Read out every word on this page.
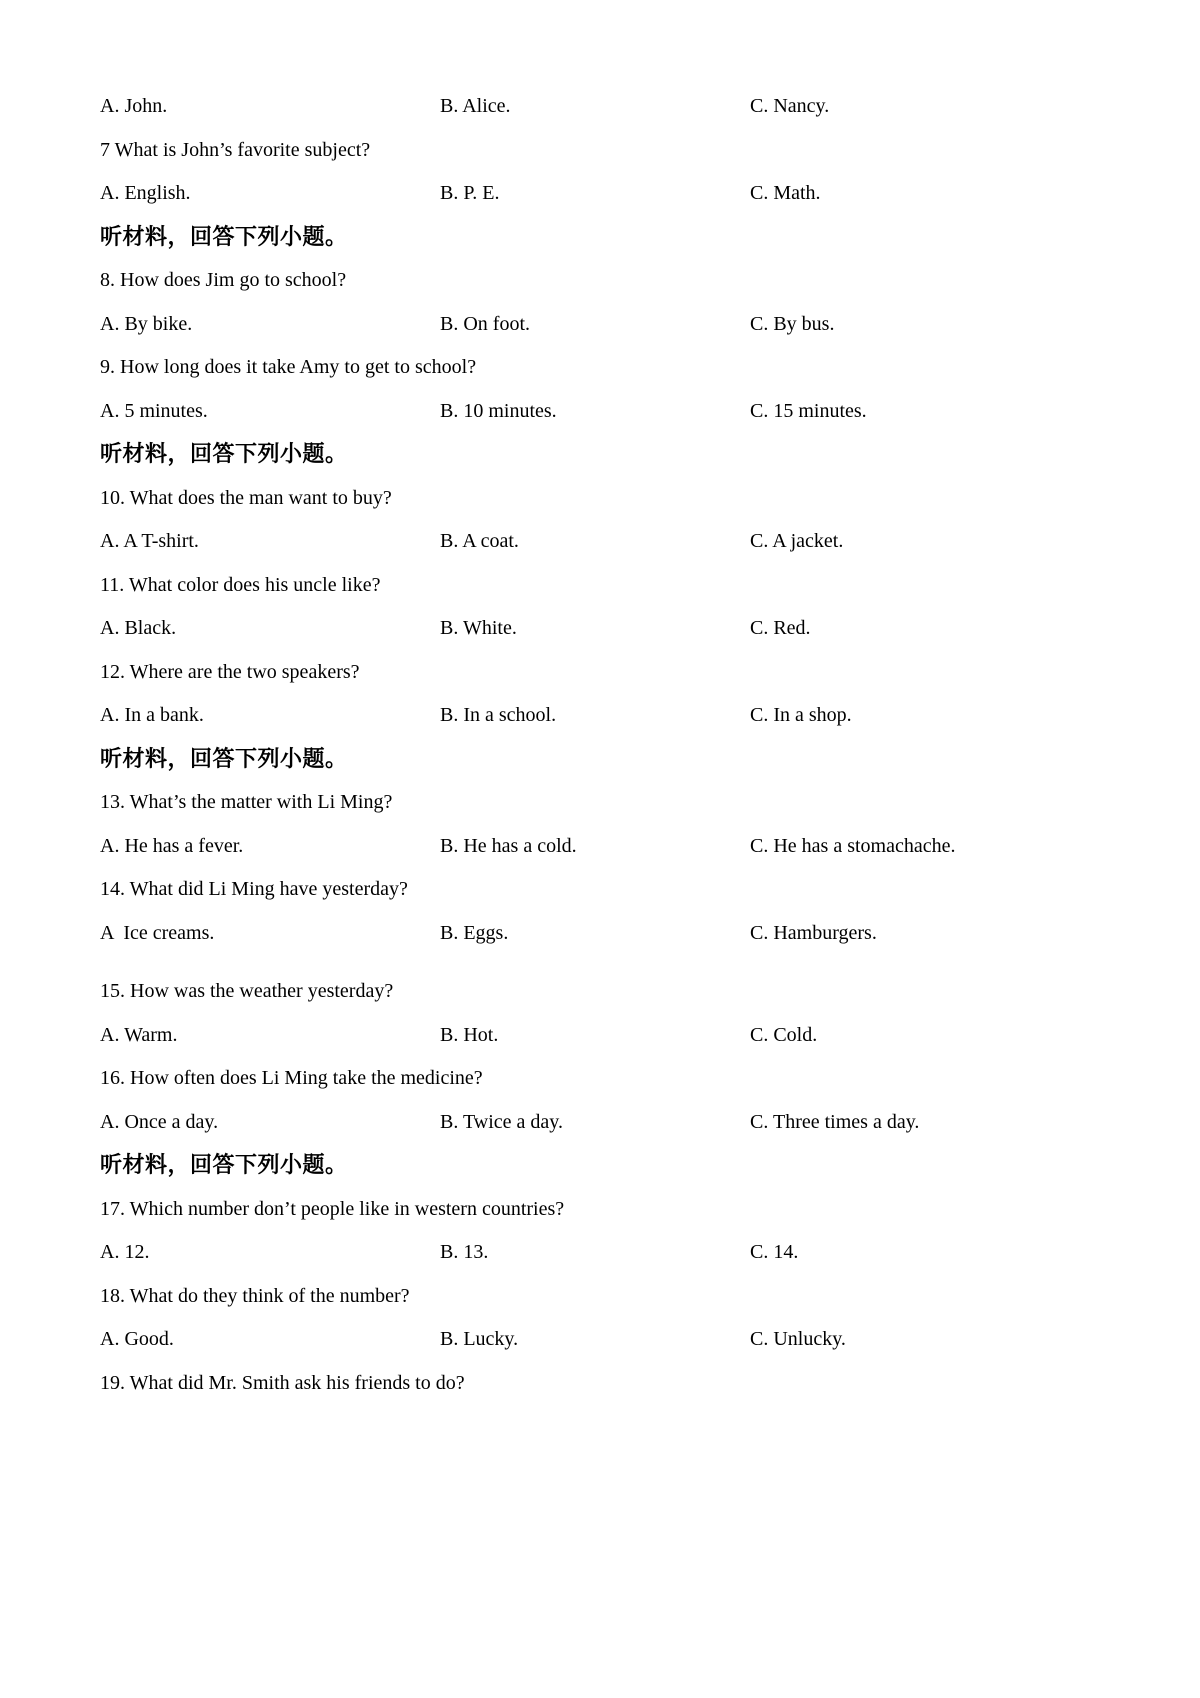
A. John.	B. Alice.	C. Nancy.
7 What is John’s favorite subject?
A. English.	B. P. E.	C. Math.
听材料，回答下列小题。
8. How does Jim go to school?
A. By bike.	B. On foot.	C. By bus.
9. How long does it take Amy to get to school?
A. 5 minutes.	B. 10 minutes.	C. 15 minutes.
听材料，回答下列小题。
10. What does the man want to buy?
A. A T-shirt.	B. A coat.	C. A jacket.
11. What color does his uncle like?
A. Black.	B. White.	C. Red.
12. Where are the two speakers?
A. In a bank.	B. In a school.	C. In a shop.
听材料，回答下列小题。
13. What’s the matter with Li Ming?
A. He has a fever.	B. He has a cold.	C. He has a stomachache.
14. What did Li Ming have yesterday?
A  Ice creams.	B. Eggs.	C. Hamburgers.
15. How was the weather yesterday?
A. Warm.	B. Hot.	C. Cold.
16. How often does Li Ming take the medicine?
A. Once a day.	B. Twice a day.	C. Three times a day.
听材料，回答下列小题。
17. Which number don’t people like in western countries?
A. 12.	B. 13.	C. 14.
18. What do they think of the number?
A. Good.	B. Lucky.	C. Unlucky.
19. What did Mr. Smith ask his friends to do?
